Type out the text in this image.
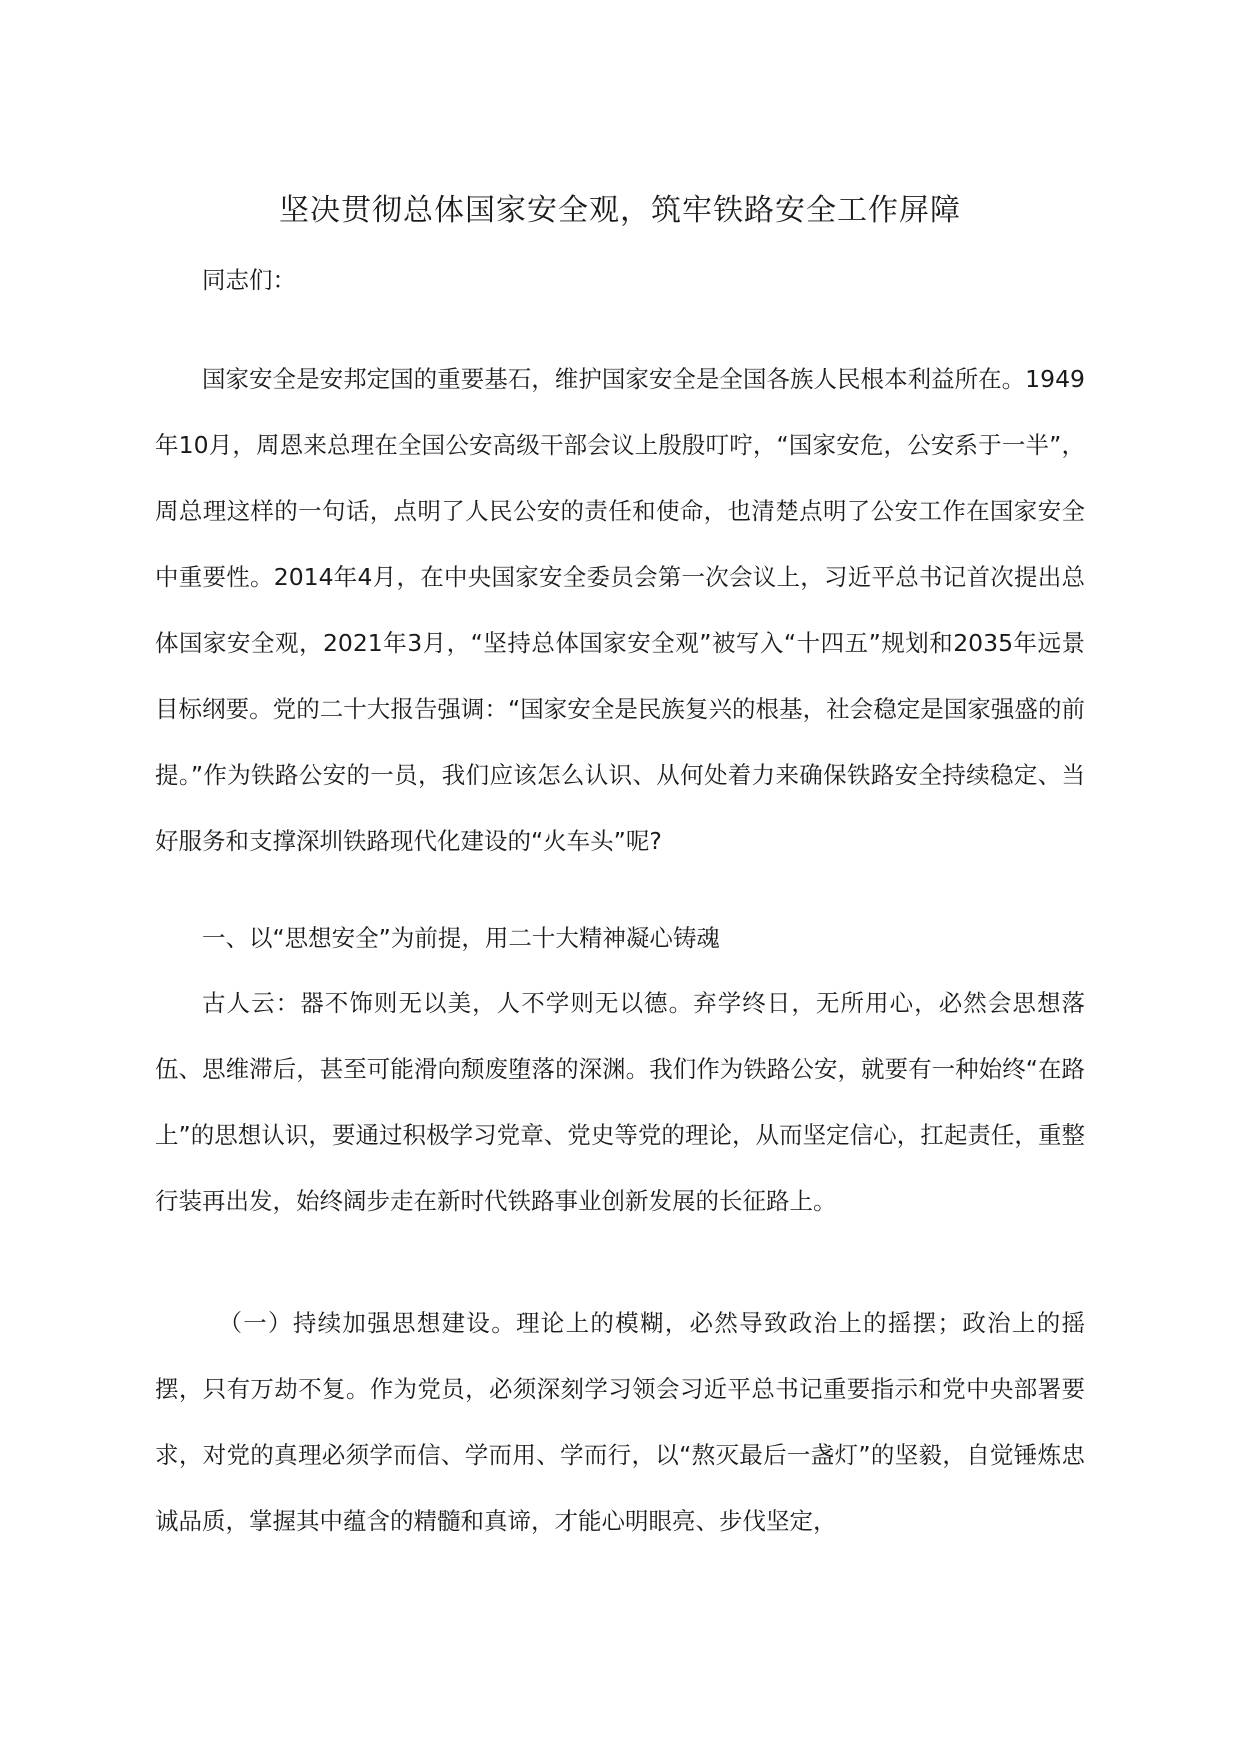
坚决贯彻总体国家安全观，筑牢铁路安全工作屏障

同志们：

国家安全是安邦定国的重要基石，维护国家安全是全国各族人民根本利益所在。1949年10月，周恩来总理在全国公安高级干部会议上殷殷叮咛，“国家安危，公安系于一半”，周总理这样的一句话，点明了人民公安的责任和使命，也清楚点明了公安工作在国家安全中重要性。2014年4月，在中央国家安全委员会第一次会议上，习近平总书记首次提出总体国家安全观，2021年3月，“坚持总体国家安全观”被写入“十四五”规划和2035年远景目标纲要。党的二十大报告强调：“国家安全是民族复兴的根基，社会稳定是国家强盛的前提。”作为铁路公安的一员，我们应该怎么认识、从何处着力来确保铁路安全持续稳定、当好服务和支撑深圳铁路现代化建设的“火车头”呢?

一、以“思想安全”为前提，用二十大精神凝心铸魂

古人云：器不饰则无以美，人不学则无以德。弃学终日，无所用心，必然会思想落伍、思维滞后，甚至可能滑向颓废堕落的深渊。我们作为铁路公安，就要有一种始终“在路上”的思想认识，要通过积极学习党章、党史等党的理论，从而坚定信心，扛起责任，重整行装再出发，始终阔步走在新时代铁路事业创新发展的长征路上。

（一）持续加强思想建设。理论上的模糊，必然导致政治上的摇摆；政治上的摇摆，只有万劫不复。作为党员，必须深刻学习领会习近平总书记重要指示和党中央部署要求，对党的真理必须学而信、学而用、学而行，以“熬灭最后一盏灯”的坚毅，自觉锤炼忠诚品质，掌握其中蕴含的精髓和真谛，才能心明眼亮、步伐坚定，
